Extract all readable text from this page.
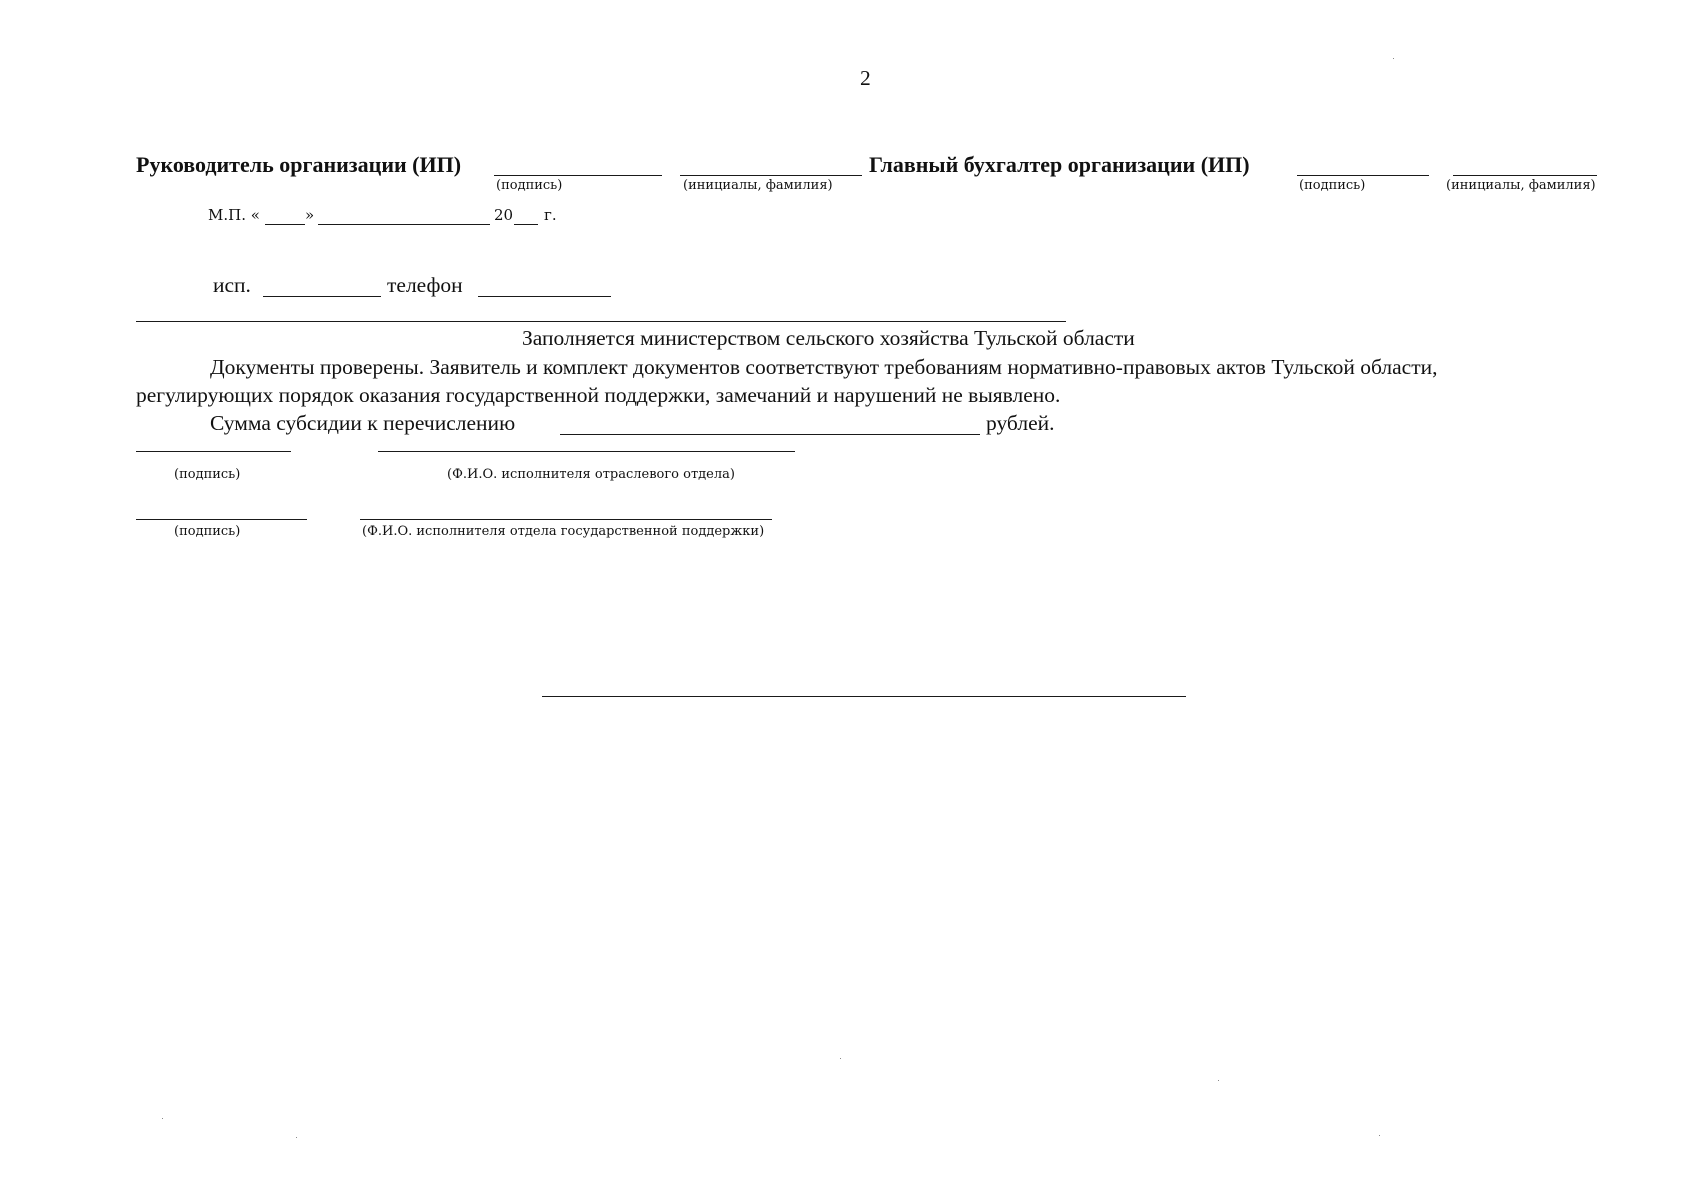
2
Руководитель организации (ИП)
(подпись)	(инициалы, фамилия)
Главный бухгалтер организации (ИП)
(подпись)	(инициалы, фамилия)
М.П. «	»	20 г.
исп.	телефон
Заполняется министерством сельского хозяйства Тульской области
Документы проверены. Заявитель и комплект документов соответствуют требованиям нормативно-правовых актов Тульской области,
регулирующих порядок оказания государственной поддержки, замечаний и нарушений не выявлено.
Сумма субсидии к перечислению	рублей.
(подпись)	(Ф.И.О. исполнителя отраслевого отдела)
(подпись)	(Ф.И.О. исполнителя отдела государственной поддержки)
